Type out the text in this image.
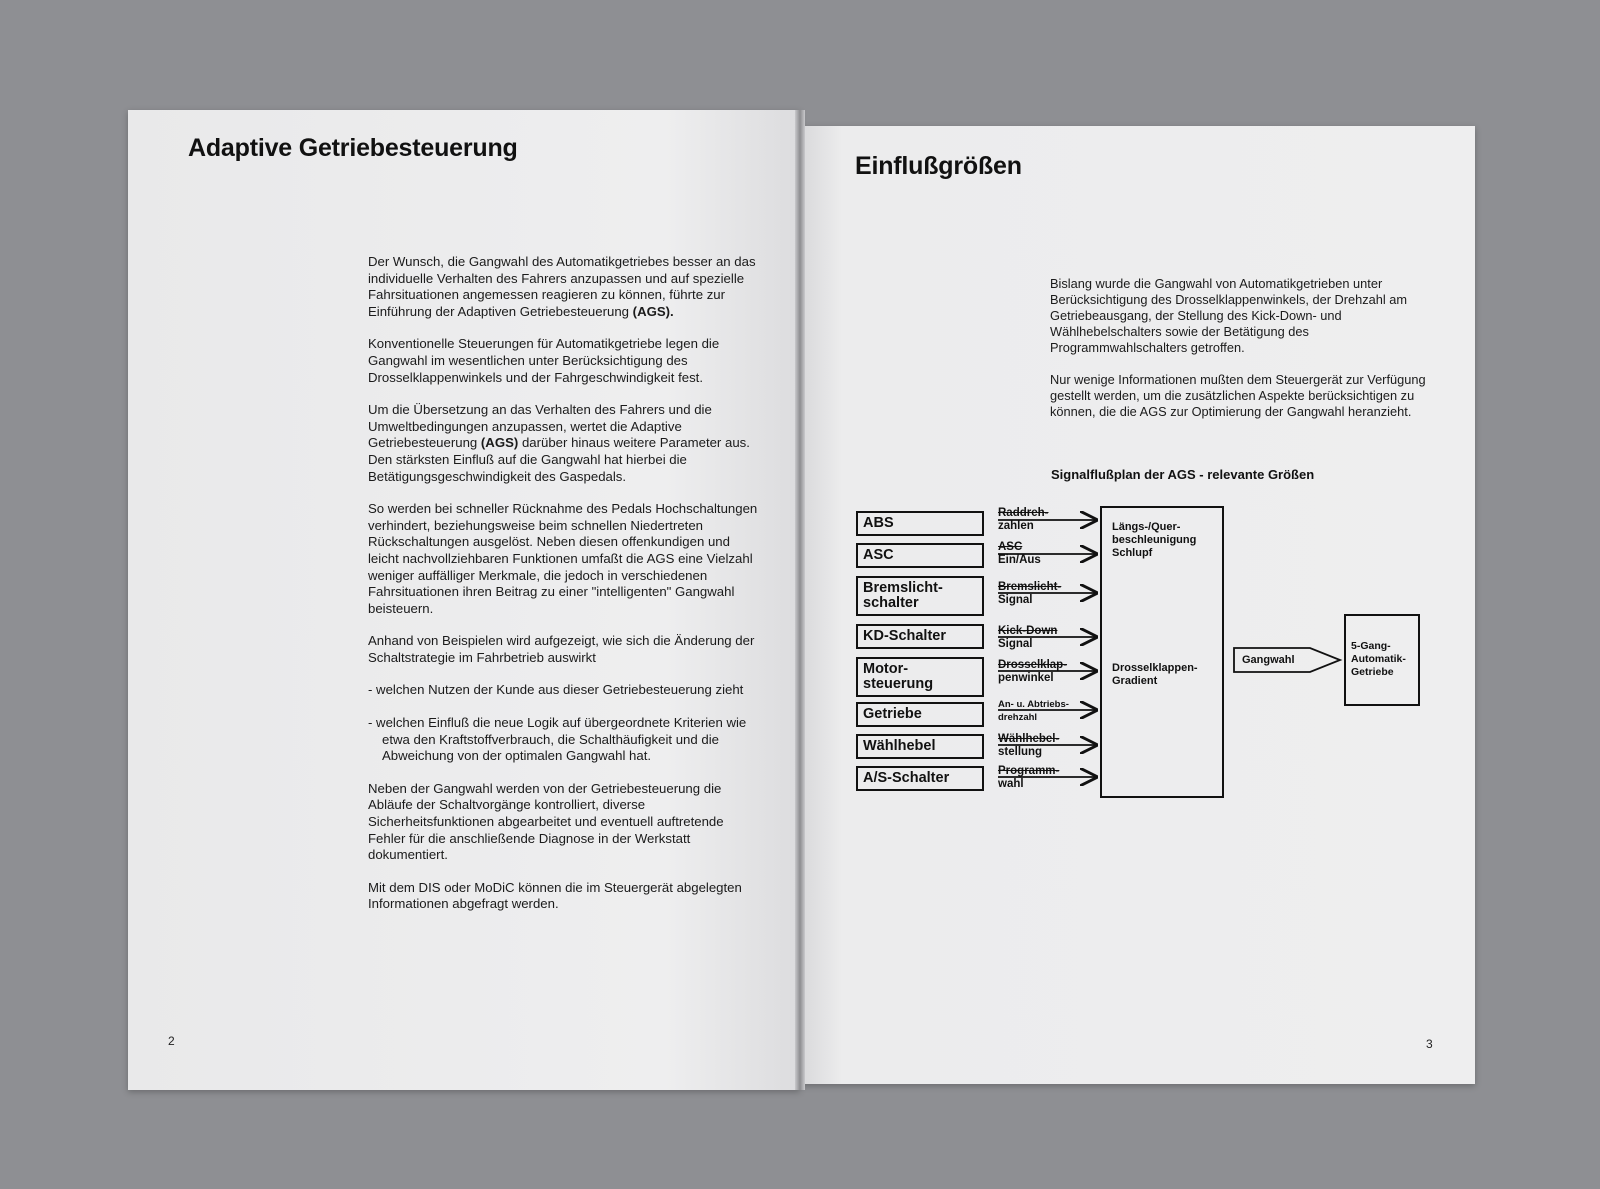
Adaptive Getriebesteuerung

Der Wunsch, die Gangwahl des Automatikgetriebes besser an das individuelle Verhalten des Fahrers anzupassen und auf spezielle Fahrsituationen angemessen reagieren zu können, führte zur Einführung der Adaptiven Getriebesteuerung (AGS).

Konventionelle Steuerungen für Automatikgetriebe legen die Gangwahl im wesentlichen unter Berücksichtigung des Drosselklappenwinkels und der Fahrgeschwindigkeit fest.

Um die Übersetzung an das Verhalten des Fahrers und die Umweltbedingungen anzupassen, wertet die Adaptive Getriebesteuerung (AGS) darüber hinaus weitere Parameter aus. Den stärksten Einfluß auf die Gangwahl hat hierbei die Betätigungsgeschwindigkeit des Gaspedals.

So werden bei schneller Rücknahme des Pedals Hochschaltungen verhindert, beziehungsweise beim schnellen Niedertreten Rückschaltungen ausgelöst. Neben diesen offenkundigen und leicht nachvollziehbaren Funktionen umfaßt die AGS eine Vielzahl weniger auffälliger Merkmale, die jedoch in verschiedenen Fahrsituationen ihren Beitrag zu einer "intelligenten" Gangwahl beisteuern.

Anhand von Beispielen wird aufgezeigt, wie sich die Änderung der Schaltstrategie im Fahrbetrieb auswirkt

- welchen Nutzen der Kunde aus dieser Getriebesteuerung zieht

- welchen Einfluß die neue Logik auf übergeordnete Kriterien wie etwa den Kraftstoffverbrauch, die Schalthäufigkeit und die Abweichung von der optimalen Gangwahl hat.

Neben der Gangwahl werden von der Getriebesteuerung die Abläufe der Schaltvorgänge kontrolliert, diverse Sicherheitsfunktionen abgearbeitet und eventuell auftretende Fehler für die anschließende Diagnose in der Werkstatt dokumentiert.

Mit dem DIS oder MoDiC können die im Steuergerät abgelegten Informationen abgefragt werden.

2
Einflußgrößen

Bislang wurde die Gangwahl von Automatikgetrieben unter Berücksichtigung des Drosselklappenwinkels, der Drehzahl am Getriebeausgang, der Stellung des Kick-Down- und Wählhebelschalters sowie der Betätigung des Programmwahlschalters getroffen.

Nur wenige Informationen mußten dem Steuergerät zur Verfügung gestellt werden, um die zusätzlichen Aspekte berücksichtigen zu können, die die AGS zur Optimierung der Gangwahl heranzieht.

Signalflußplan der AGS - relevante Größen
ABS
ASC
Bremslicht-schalter
KD-Schalter
Motor-steuerung
Getriebe
Wählhebel
A/S-Schalter
Raddreh-
zahlen
ASC
Ein/Aus
Bremslicht-
Signal
Kick-Down
Signal
Drosselklap-
penwinkel
An- u. Abtriebs-
drehzahl
Wählhebel-
stellung
Programm-
wahl
Längs-/Quer-beschleunigung Schlupf
Drosselklappen-Gradient
Gangwahl
5-Gang-Automatik-Getriebe
3
